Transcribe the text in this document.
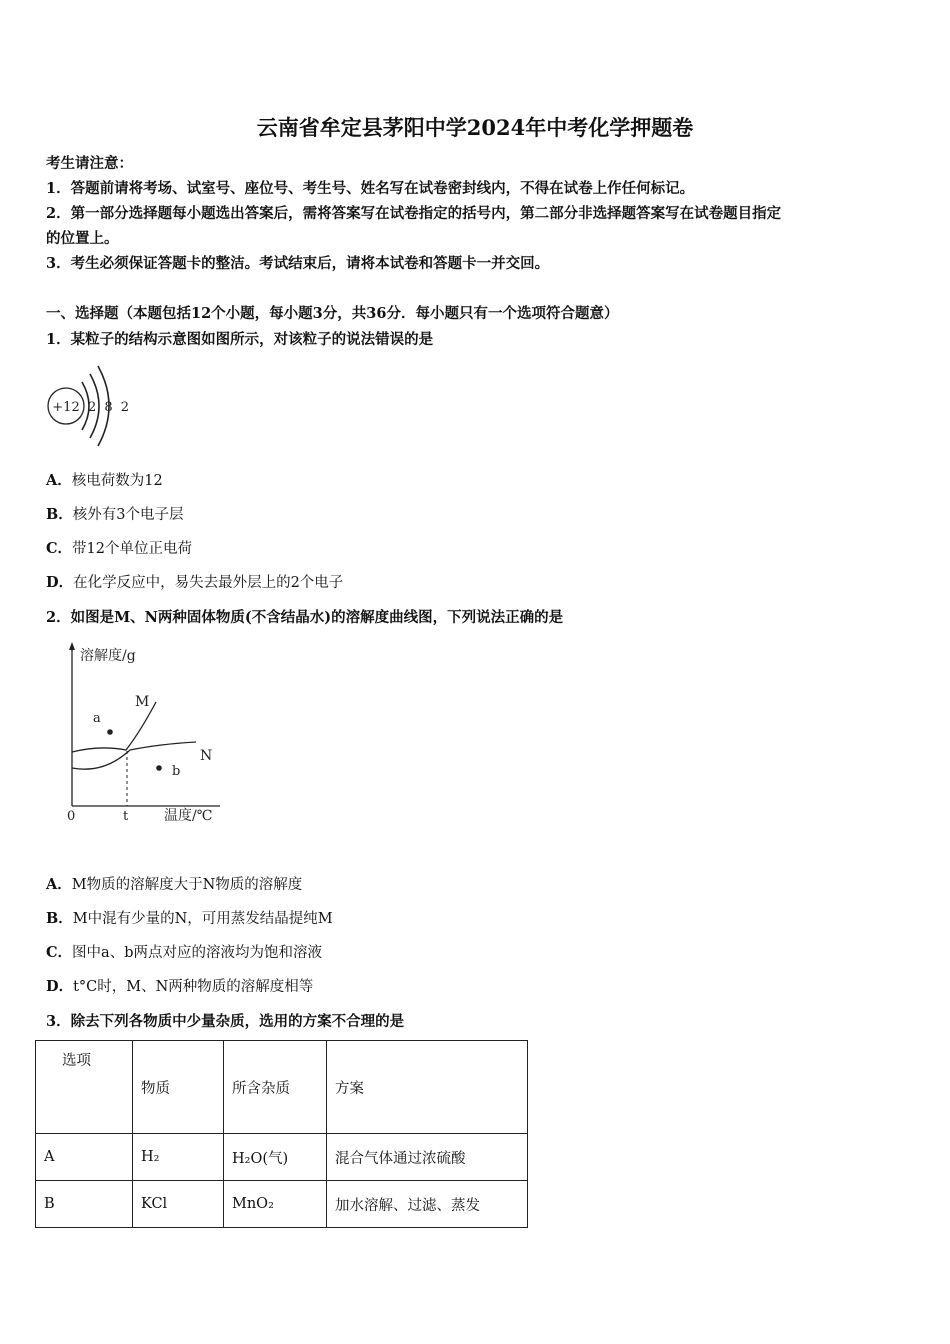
云南省牟定县茅阳中学2024年中考化学押题卷
考生请注意：
1．答题前请将考场、试室号、座位号、考生号、姓名写在试卷密封线内，不得在试卷上作任何标记。
2．第一部分选择题每小题选出答案后，需将答案写在试卷指定的括号内，第二部分非选择题答案写在试卷题目指定
的位置上。
3．考生必须保证答题卡的整洁。考试结束后，请将本试卷和答题卡一并交回。
一、选择题（本题包括12个小题，每小题3分，共36分．每小题只有一个选项符合题意）
1．某粒子的结构示意图如图所示，对该粒子的说法错误的是
+12 2 8 2
A．核电荷数为12
B．核外有3个电子层
C．带12个单位正电荷
D．在化学反应中，易失去最外层上的2个电子
2．如图是M、N两种固体物质(不含结晶水)的溶解度曲线图，下列说法正确的是
溶解度/g
温度/℃
0	t
M
N
a
b
A．M物质的溶解度大于N物质的溶解度
B．M中混有少量的N，可用蒸发结晶提纯M
C．图中a、b两点对应的溶液均为饱和溶液
D．t°C时，M、N两种物质的溶解度相等
3．除去下列各物质中少量杂质，选用的方案不合理的是
选项	物质	所含杂质	方案
A	H₂	H₂O(气)	混合气体通过浓硫酸
B	KCl	MnO₂	加水溶解、过滤、蒸发
